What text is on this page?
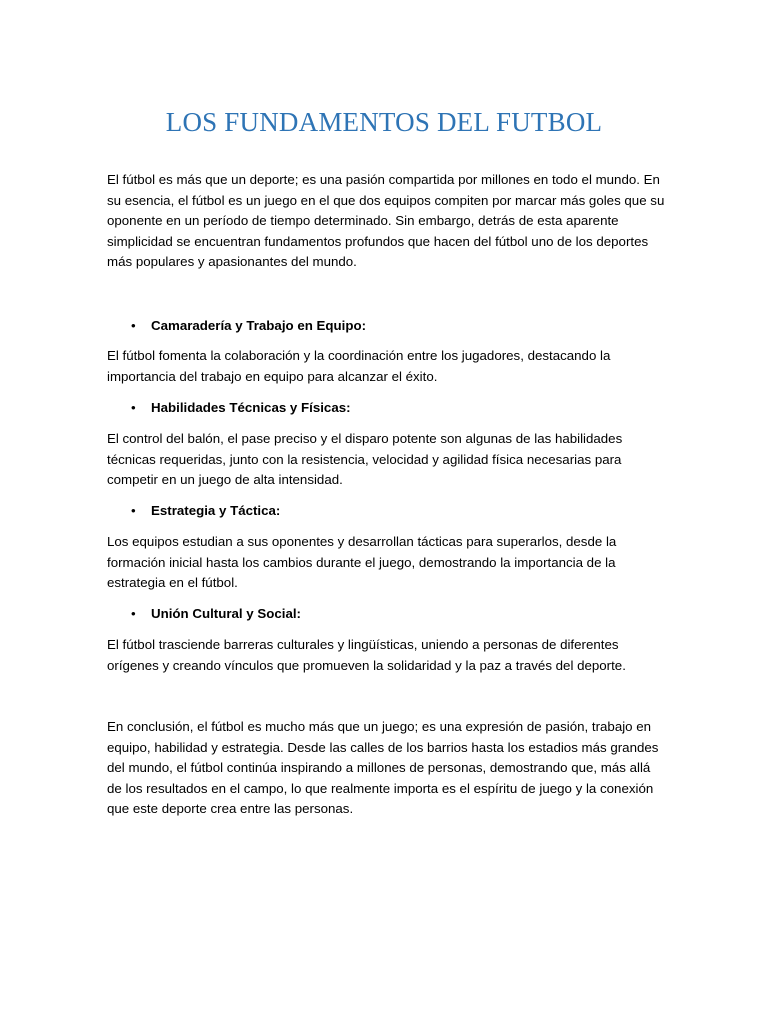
LOS FUNDAMENTOS DEL FUTBOL

El fútbol es más que un deporte; es una pasión compartida por millones en todo el mundo. En su esencia, el fútbol es un juego en el que dos equipos compiten por marcar más goles que su oponente en un período de tiempo determinado. Sin embargo, detrás de esta aparente simplicidad se encuentran fundamentos profundos que hacen del fútbol uno de los deportes más populares y apasionantes del mundo.

•	Camaradería y Trabajo en Equipo:

El fútbol fomenta la colaboración y la coordinación entre los jugadores, destacando la importancia del trabajo en equipo para alcanzar el éxito.

•	Habilidades Técnicas y Físicas:

El control del balón, el pase preciso y el disparo potente son algunas de las habilidades técnicas requeridas, junto con la resistencia, velocidad y agilidad física necesarias para competir en un juego de alta intensidad.

•	Estrategia y Táctica:

Los equipos estudian a sus oponentes y desarrollan tácticas para superarlos, desde la formación inicial hasta los cambios durante el juego, demostrando la importancia de la estrategia en el fútbol.

•	Unión Cultural y Social:

El fútbol trasciende barreras culturales y lingüísticas, uniendo a personas de diferentes orígenes y creando vínculos que promueven la solidaridad y la paz a través del deporte.

En conclusión, el fútbol es mucho más que un juego; es una expresión de pasión, trabajo en equipo, habilidad y estrategia. Desde las calles de los barrios hasta los estadios más grandes del mundo, el fútbol continúa inspirando a millones de personas, demostrando que, más allá de los resultados en el campo, lo que realmente importa es el espíritu de juego y la conexión que este deporte crea entre las personas.
